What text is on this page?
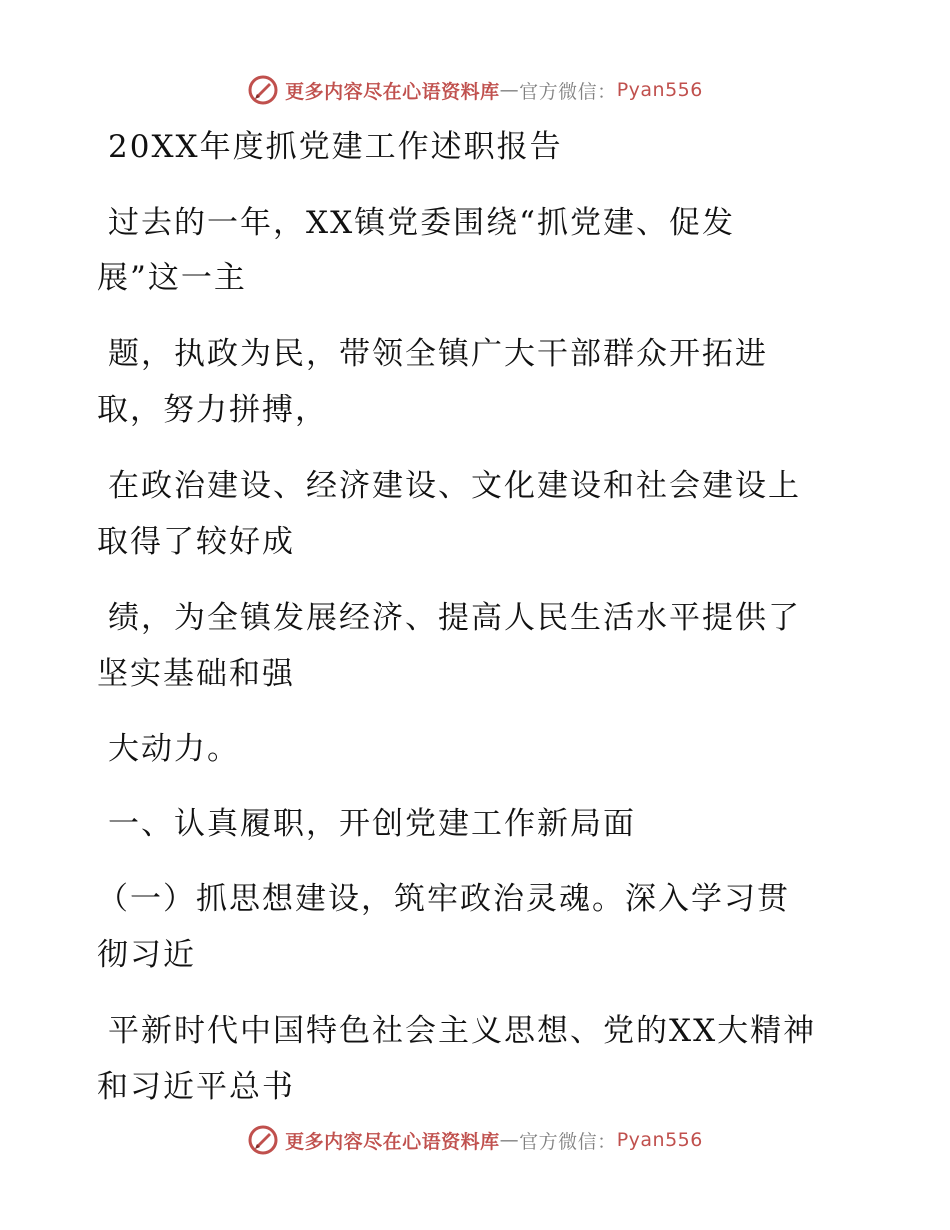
更多内容尽在心语资料库 — 官方微信： Pyan556
20XX年度抓党建工作述职报告
过去的一年，XX镇党委围绕“抓党建、促发
展”这一主
题，执政为民，带领全镇广大干部群众开拓进
取，努力拼搏，
在政治建设、经济建设、文化建设和社会建设上
取得了较好成
绩，为全镇发展经济、提高人民生活水平提供了
坚实基础和强
大动力。
一、认真履职，开创党建工作新局面
（一）抓思想建设，筑牢政治灵魂。深入学习贯
彻习近
平新时代中国特色社会主义思想、党的XX大精神
和习近平总书
更多内容尽在心语资料库 — 官方微信： Pyan556
